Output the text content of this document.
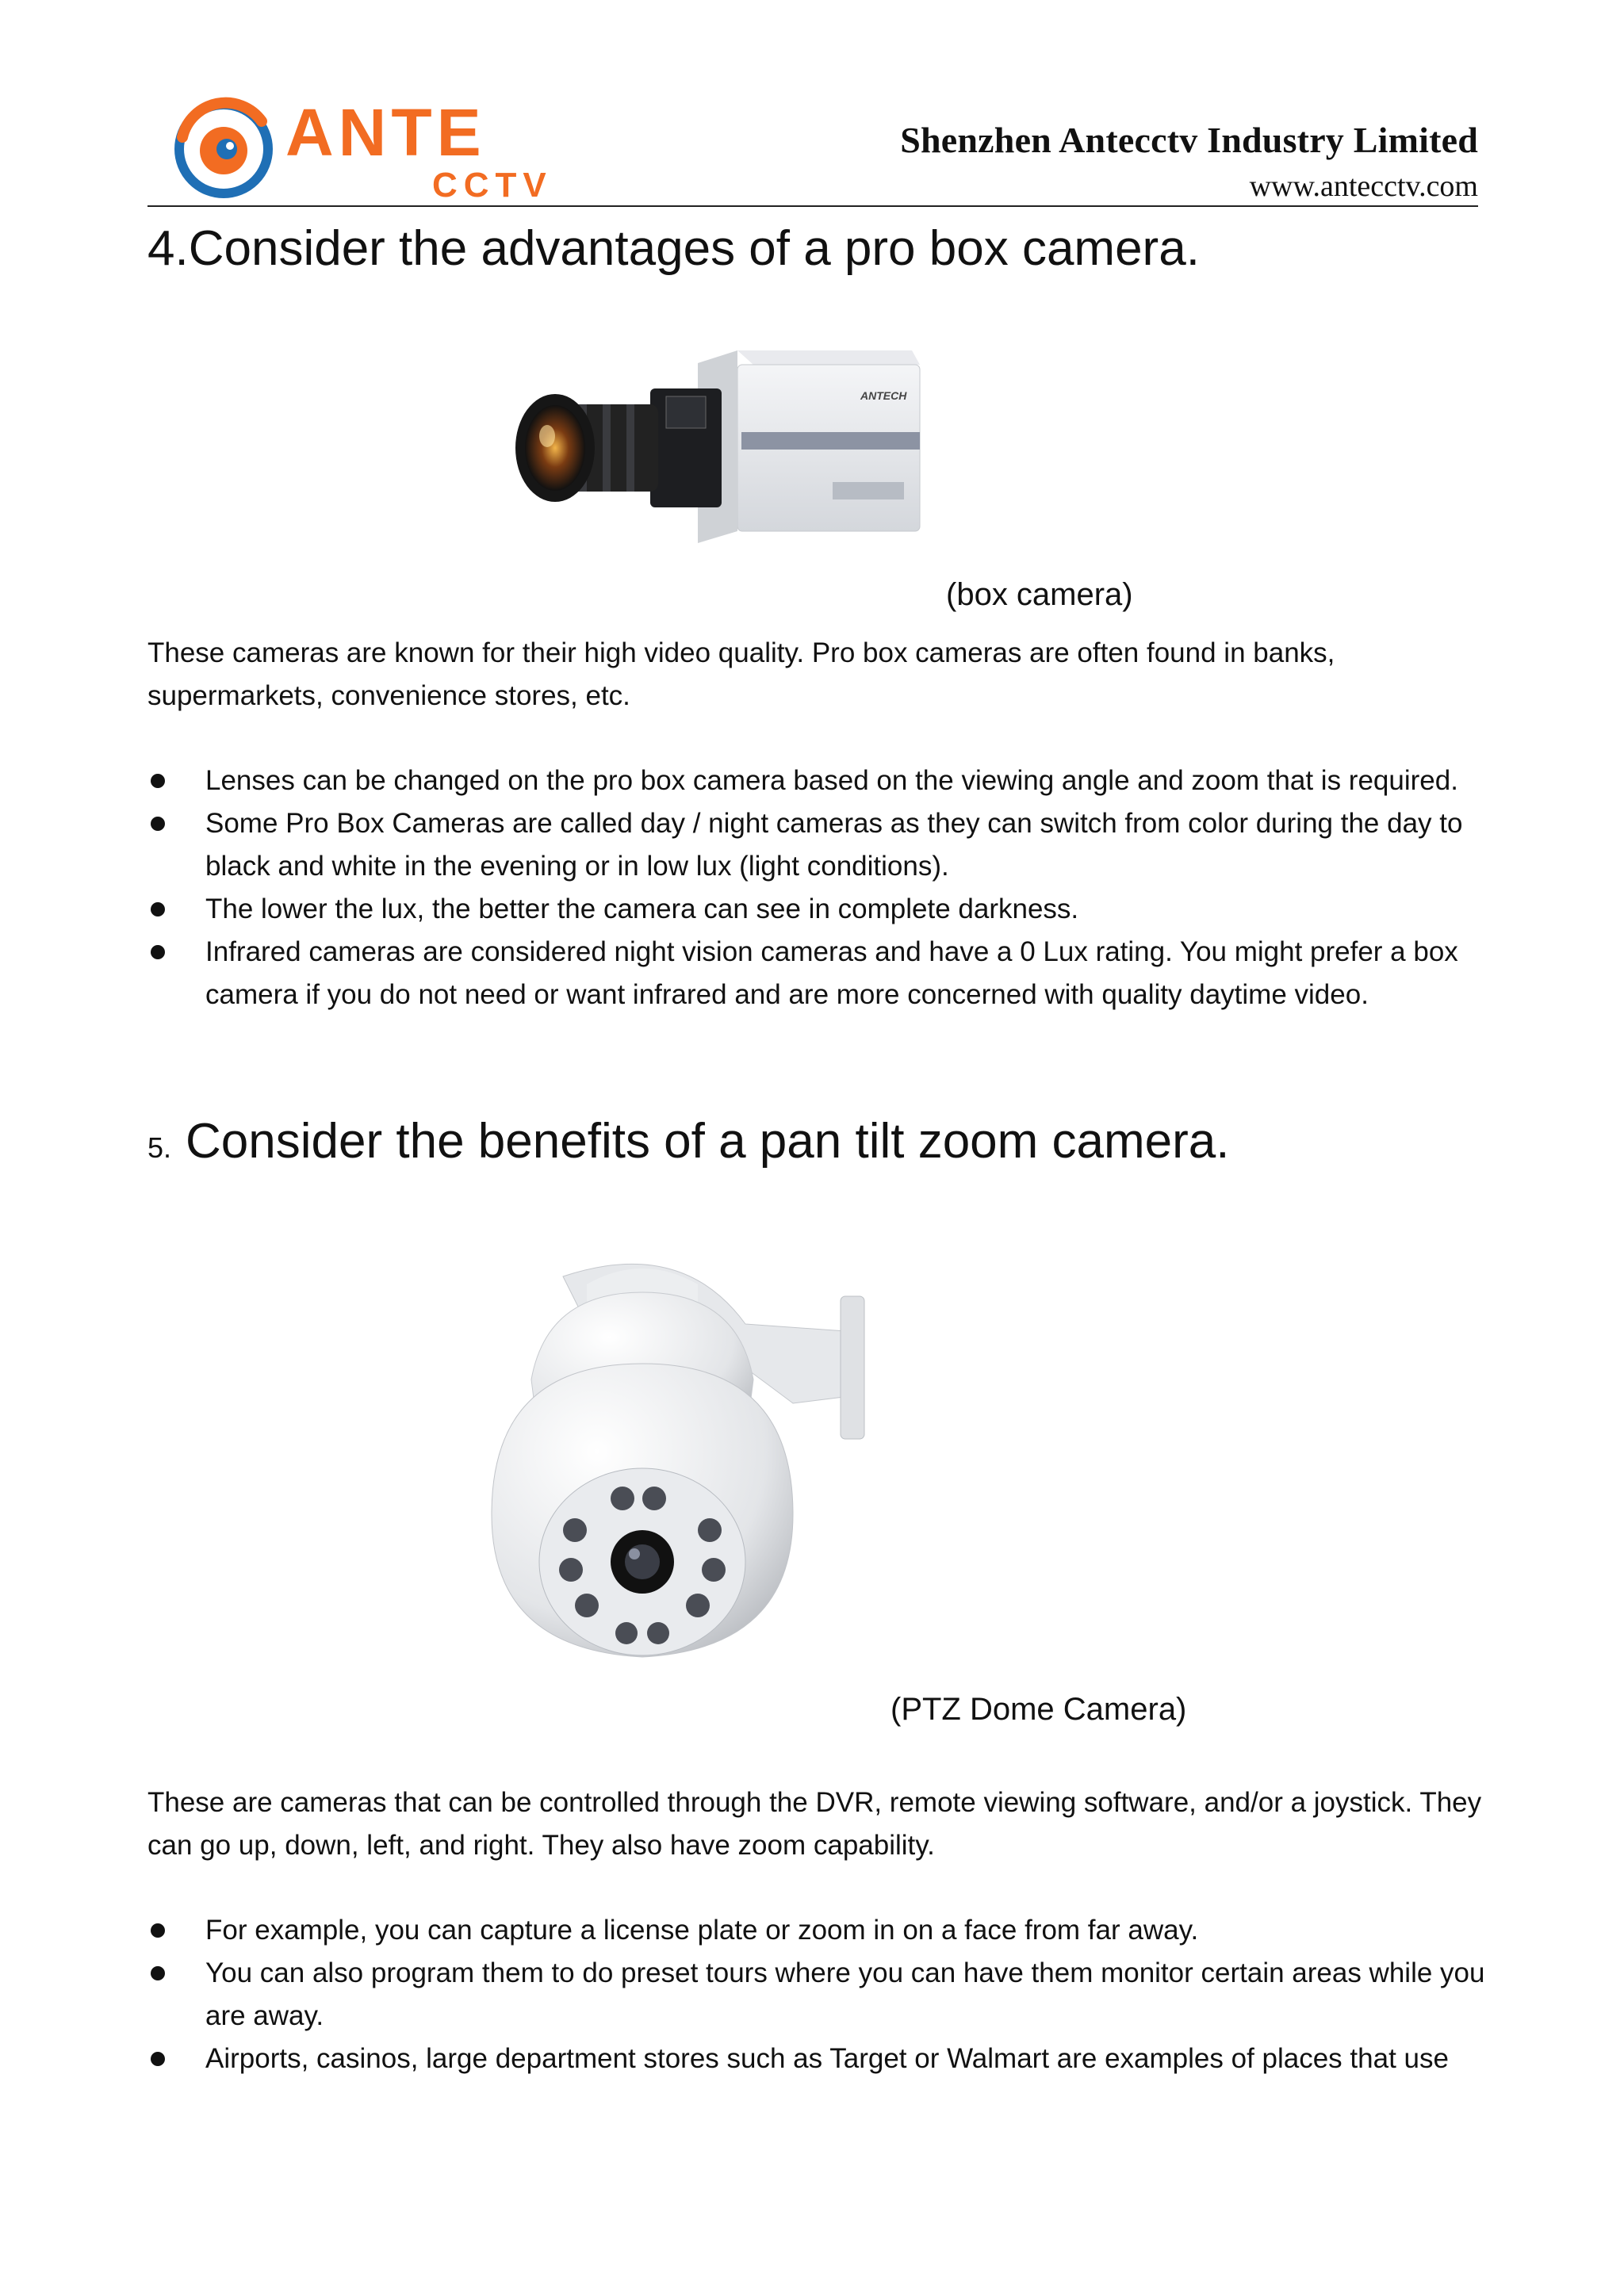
ANTE
CCTV
Shenzhen Antecctv Industry Limited
www.antecctv.com
4.Consider the advantages of a pro box camera.
ANTECH
(box camera)

These cameras are known for their high video quality. Pro box cameras are often found in banks, supermarkets, convenience stores, etc.

Lenses can be changed on the pro box camera based on the viewing angle and zoom that is required.
Some Pro Box Cameras are called day / night cameras as they can switch from color during the day to black and white in the evening or in low lux (light conditions).
The lower the lux, the better the camera can see in complete darkness.
Infrared cameras are considered night vision cameras and have a 0 Lux rating. You might prefer a box camera if you do not need or want infrared and are more concerned with quality daytime video.
5. Consider the benefits of a pan tilt zoom camera.
(PTZ Dome Camera)

These are cameras that can be controlled through the DVR, remote viewing software, and/or a joystick. They can go up, down, left, and right. They also have zoom capability.

For example, you can capture a license plate or zoom in on a face from far away.
You can also program them to do preset tours where you can have them monitor certain areas while you are away.
Airports, casinos, large department stores such as Target or Walmart are examples of places that use
